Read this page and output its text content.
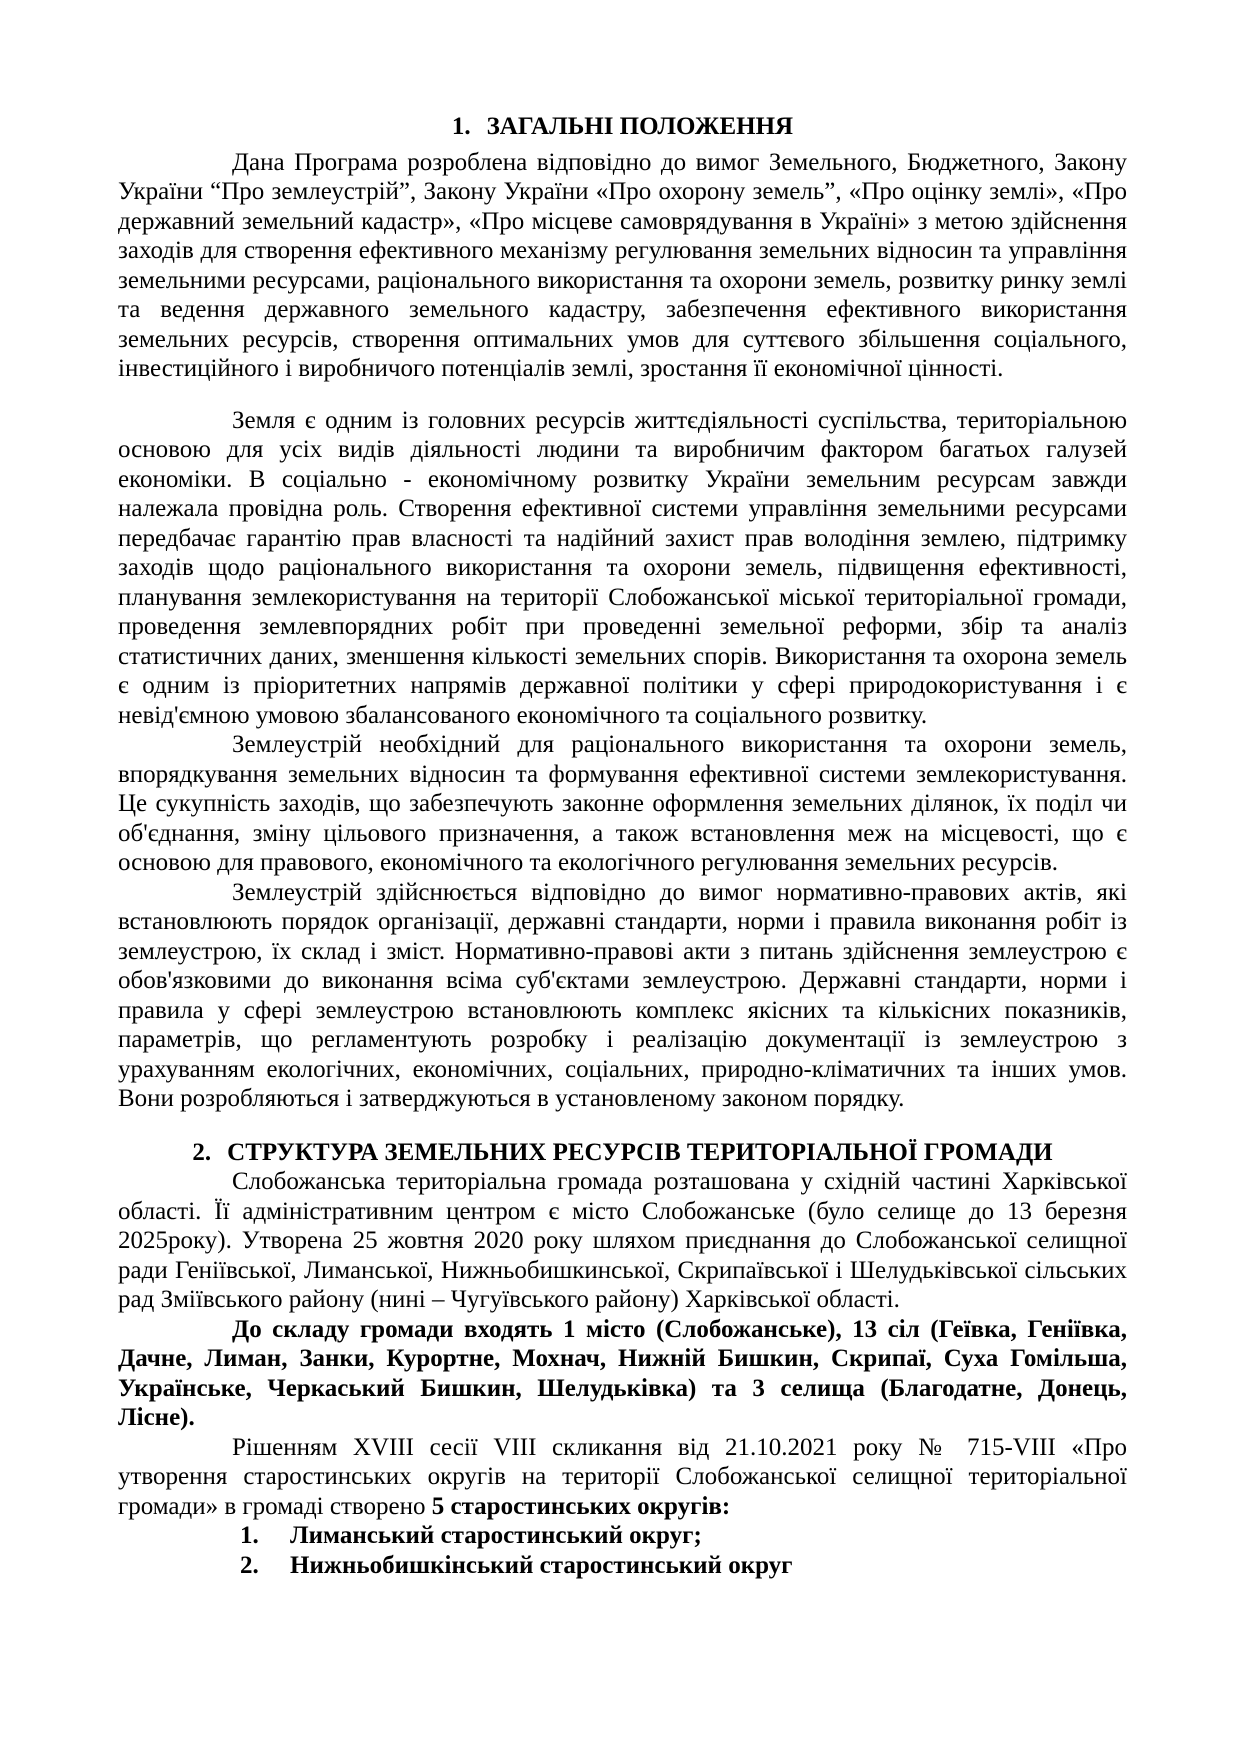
1. ЗАГАЛЬНІ ПОЛОЖЕННЯ

Дана Програма розроблена відповідно до вимог Земельного, Бюджетного, Закону України “Про землеустрій”, Закону України «Про охорону земель”, «Про оцінку землі», «Про державний земельний кадастр», «Про місцеве самоврядування в Україні» з метою здійснення заходів для створення ефективного механізму регулювання земельних відносин та управління земельними ресурсами, раціонального використання та охорони земель, розвитку ринку землі та ведення державного земельного кадастру, забезпечення ефективного використання земельних ресурсів, створення оптимальних умов для суттєвого збільшення соціального, інвестиційного і виробничого потенціалів землі, зростання її економічної цінності.

Земля є одним із головних ресурсів життєдіяльності суспільства, територіальною основою для усіх видів діяльності людини та виробничим фактором багатьох галузей економіки. В соціально - економічному розвитку України земельним ресурсам завжди належала провідна роль. Створення ефективної системи управління земельними ресурсами передбачає гарантію прав власності та надійний захист прав володіння землею, підтримку заходів щодо раціонального використання та охорони земель, підвищення ефективності, планування землекористування на території Слобожанської міської територіальної громади, проведення землевпорядних робіт при проведенні земельної реформи, збір та аналіз статистичних даних, зменшення кількості земельних спорів. Використання та охорона земель є одним із пріоритетних напрямів державної політики у сфері природокористування і є невід'ємною умовою збалансованого економічного та соціального розвитку.

Землеустрій необхідний для раціонального використання та охорони земель, впорядкування земельних відносин та формування ефективної системи землекористування. Це сукупність заходів, що забезпечують законне оформлення земельних ділянок, їх поділ чи об'єднання, зміну цільового призначення, а також встановлення меж на місцевості, що є основою для правового, економічного та екологічного регулювання земельних ресурсів.

Землеустрій здійснюється відповідно до вимог нормативно-правових актів, які встановлюють порядок організації, державні стандарти, норми і правила виконання робіт із землеустрою, їх склад і зміст. Нормативно-правові акти з питань здійснення землеустрою є обов'язковими до виконання всіма суб'єктами землеустрою. Державні стандарти, норми і правила у сфері землеустрою встановлюють комплекс якісних та кількісних показників, параметрів, що регламентують розробку і реалізацію документації із землеустрою з урахуванням екологічних, економічних, соціальних, природно-кліматичних та інших умов. Вони розробляються і затверджуються в установленому законом порядку.

2. СТРУКТУРА ЗЕМЕЛЬНИХ РЕСУРСІВ ТЕРИТОРІАЛЬНОЇ ГРОМАДИ

Слобожанська територіальна громада розташована у східній частині Харківської області. Її адміністративним центром є місто Слобожанське (було селище до 13 березня 2025року). Утворена 25 жовтня 2020 року шляхом приєднання до Слобожанської селищної ради Геніївської, Лиманської, Нижньобишкинської, Скрипаївської і Шелудьківської сільських рад Зміївського району (нині – Чугуївського району) Харківської області.

До складу громади входять 1 місто (Слобожанське), 13 сіл (Геївка, Геніївка, Дачне, Лиман, Занки, Курортне, Мохнач, Нижній Бишкин, Скрипаї, Суха Гомільша, Українське, Черкаський Бишкин, Шелудьківка) та 3 селища (Благодатне, Донець, Лісне).

Рішенням XVIII сесії VIII скликання від 21.10.2021 року № 715-VIII «Про утворення старостинських округів на території Слобожанської селищної територіальної громади» в громаді створено 5 старостинських округів:

1.	Лиманський старостинський округ;
2.	Нижньобишкінський старостинський округ
